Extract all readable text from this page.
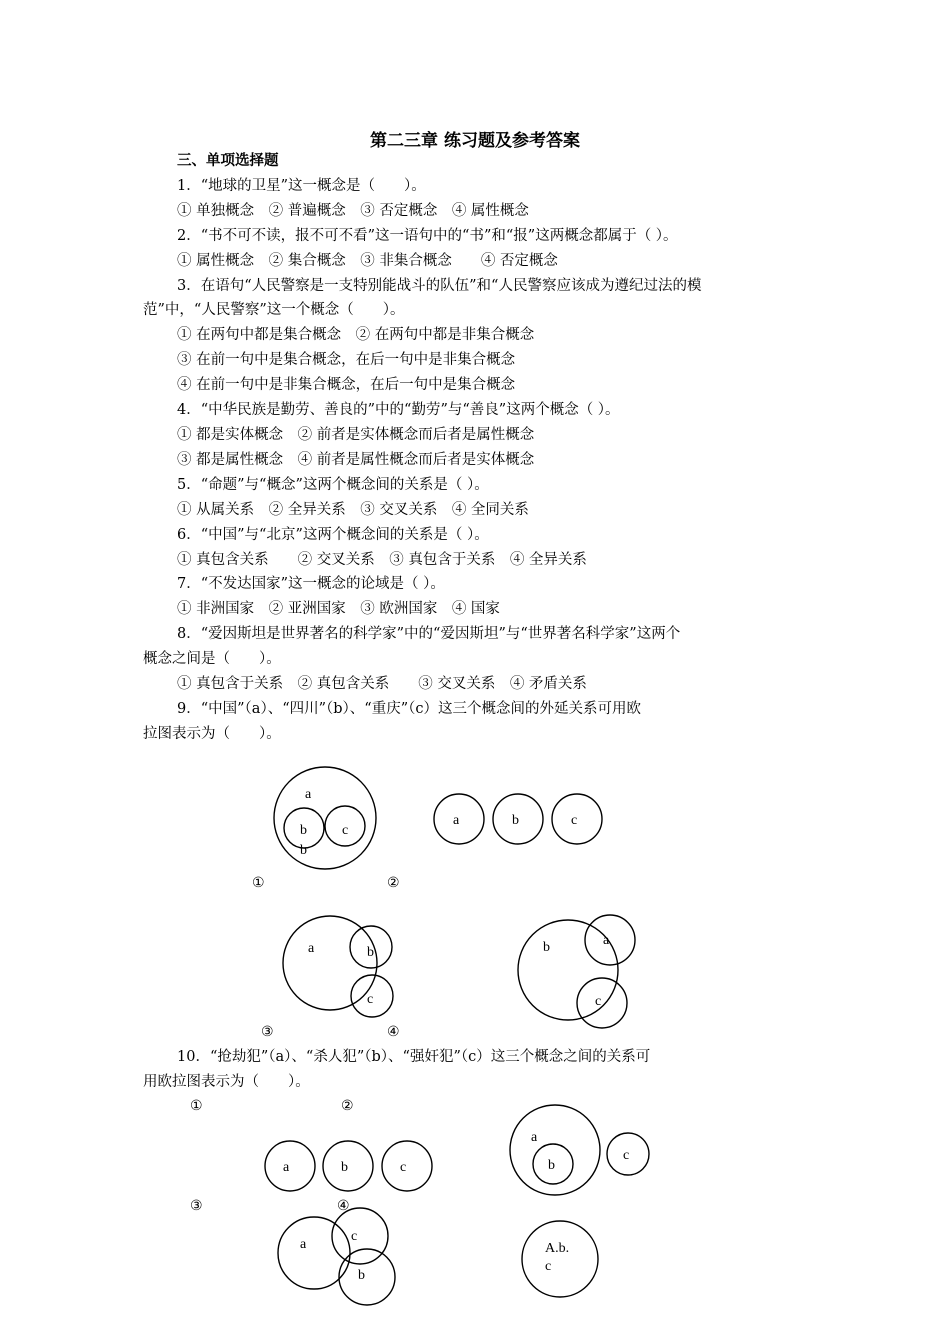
第二三章 练习题及参考答案
三、单项选择题
1．“地球的卫星”这一概念是（　　）。
① 单独概念　② 普遍概念　③ 否定概念　④ 属性概念
2．“书不可不读，报不可不看”这一语句中的“书”和“报”这两概念都属于（ ）。
① 属性概念　② 集合概念　③ 非集合概念　　④ 否定概念
3．在语句“人民警察是一支特别能战斗的队伍”和“人民警察应该成为遵纪过法的模
范”中，“人民警察”这一个概念（　　）。
① 在两句中都是集合概念　② 在两句中都是非集合概念
③ 在前一句中是集合概念，在后一句中是非集合概念
④ 在前一句中是非集合概念，在后一句中是集合概念
4．“中华民族是勤劳、善良的”中的“勤劳”与“善良”这两个概念（ ）。
① 都是实体概念　② 前者是实体概念而后者是属性概念
③ 都是属性概念　④ 前者是属性概念而后者是实体概念
5．“命题”与“概念”这两个概念间的关系是（ ）。
① 从属关系　② 全异关系　③ 交叉关系　④ 全同关系
6．“中国”与“北京”这两个概念间的关系是（ ）。
① 真包含关系　　② 交叉关系　③ 真包含于关系　④ 全异关系
7．“不发达国家”这一概念的论域是（ ）。
① 非洲国家　② 亚洲国家　③ 欧洲国家　④ 国家
8．“爱因斯坦是世界著名的科学家”中的“爱因斯坦”与“世界著名科学家”这两个
概念之间是（　　）。
① 真包含于关系　② 真包含关系　　③ 交叉关系　④ 矛盾关系
9．“中国”（a）、“四川”（b）、“重庆”（c）这三个概念间的外延关系可用欧
拉图表示为（　　）。
10．“抢劫犯”（a）、“杀人犯”（b）、“强奸犯”（c）这三个概念之间的关系可
用欧拉图表示为（　　）。
①	②
③	④
①	②
③	④
a
b	c
b
a	b	c
a	b
c
b	a
c
a	b	c
a
b
c
a
c
b
A.b.
c
